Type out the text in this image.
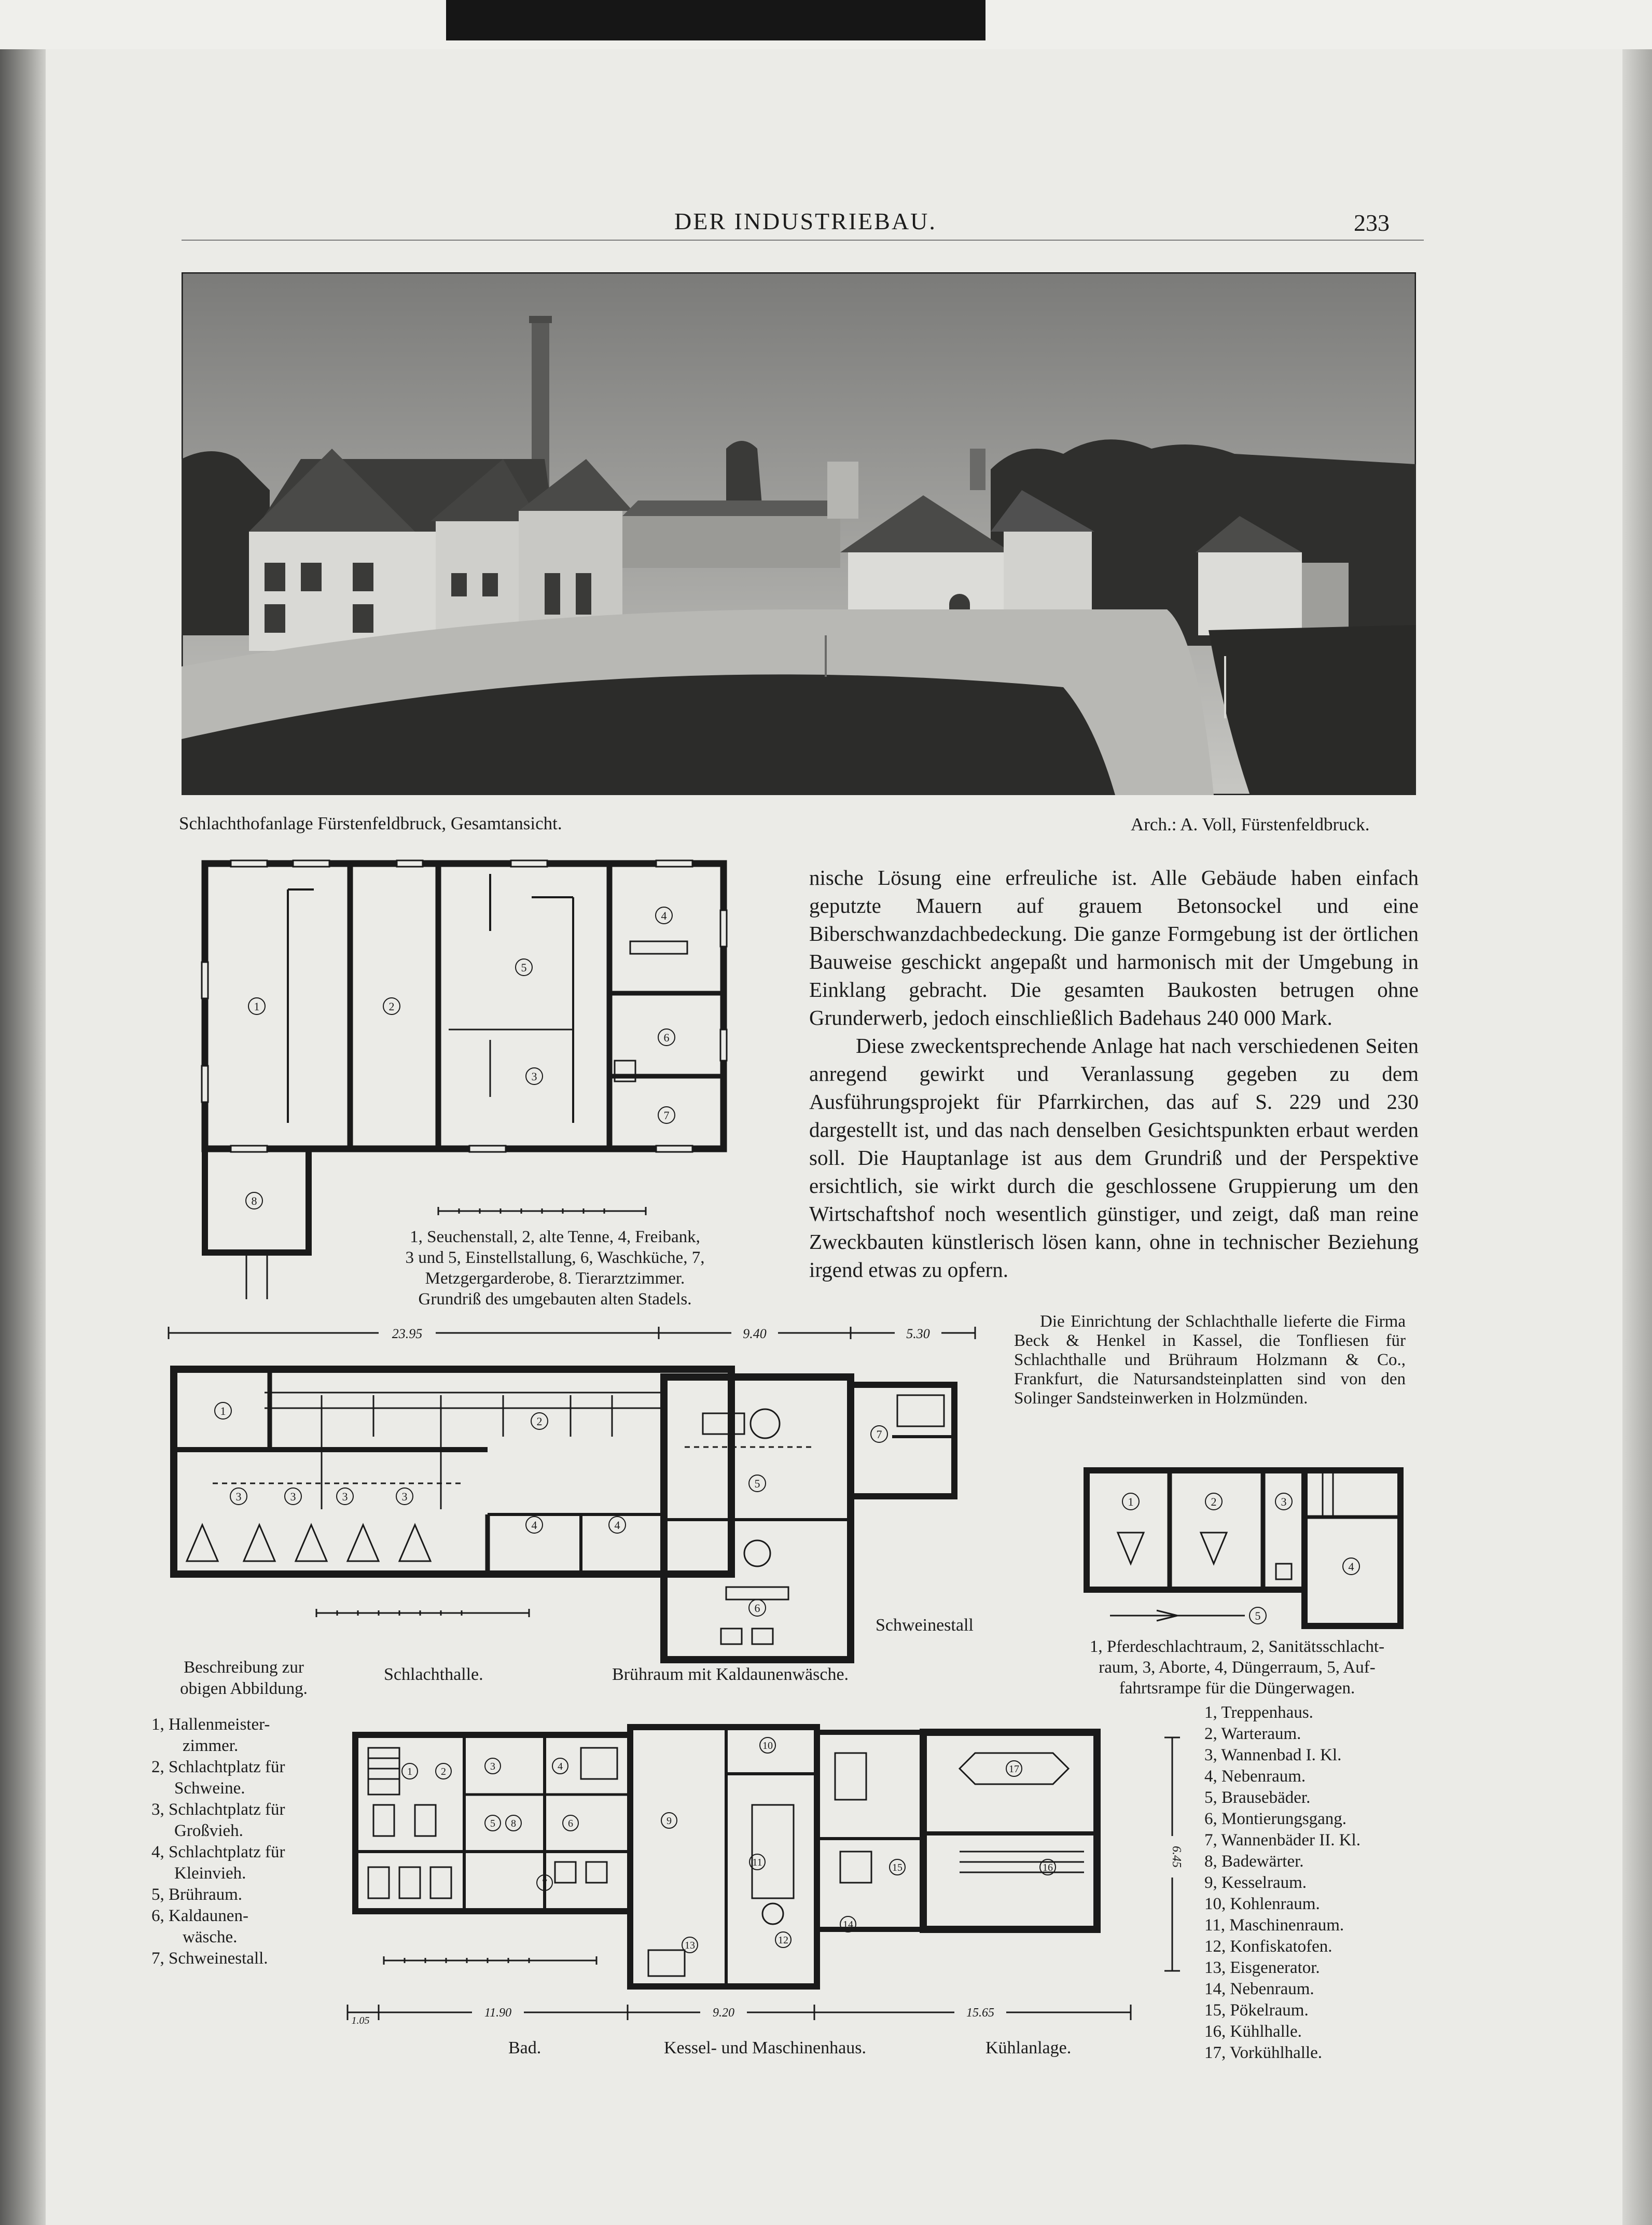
DER INDUSTRIEBAU.	233
Schlachthofanlage Fürstenfeldbruck, Gesamtansicht.	Arch.: A. Voll, Fürstenfeldbruck.
1	2
3
4
5
6
7
8
1, Seuchenstall, 2, alte Tenne, 4, Freibank,
3 und 5, Einstellstallung, 6, Waschküche, 7,
Metzgergarderobe, 8. Tierarztzimmer.
Grundriß des umgebauten alten Stadels.

nische Lösung eine erfreuliche ist. Alle Gebäude haben einfach geputzte Mauern auf grauem Betonsockel und eine Biberschwanzdachbedeckung. Die ganze Formgebung ist der örtlichen Bauweise geschickt angepaßt und harmonisch mit der Umgebung in Einklang gebracht. Die gesamten Baukosten betrugen ohne Grunderwerb, jedoch einschließlich Badehaus 240 000 Mark.

Diese zweckentsprechende Anlage hat nach verschiedenen Seiten anregend gewirkt und Veranlassung gegeben zu dem Ausführungsprojekt für Pfarrkirchen, das auf S. 229 und 230 dargestellt ist, und das nach denselben Gesichtspunkten erbaut werden soll. Die Hauptanlage ist aus dem Grundriß und der Perspektive ersichtlich, sie wirkt durch die geschlossene Gruppierung um den Wirtschaftshof noch wesentlich günstiger, und zeigt, daß man reine Zweckbauten künstlerisch lösen kann, ohne in technischer Beziehung irgend etwas zu opfern.

Die Einrichtung der Schlachthalle lieferte die Firma Beck & Henkel in Kassel, die Tonfliesen für Schlachthalle und Brühraum Holzmann & Co., Frankfurt, die Natursandsteinplatten sind von den Solinger Sandsteinwerken in Holzmünden.
23.95	9.40	5.30
1
2
3	3	3	3
4	4
5
6
7
Schweinestall
Schlachthalle.	Brühraum mit Kaldaunenwäsche.
1	2	3
4
5
1, Pferdeschlachtraum, 2, Sanitätsschlacht-
raum, 3, Aborte, 4, Düngerraum, 5, Auf-
fahrtsrampe für die Düngerwagen.
Beschreibung zur
obigen Abbildung.
1, Hallenmeister-
zimmer.
2, Schlachtplatz für
Schweine.
3, Schlachtplatz für
Großvieh.
4, Schlachtplatz für
Kleinvieh.
5, Brühraum.
6, Kaldaunen-
wäsche.
7, Schweinestall.
1	2	3	4
5	6
7
8	9
10
11
12
13
14
15	16
17
1.05
11.90	9.20	15.65
6.45
Bad.	Kessel- und Maschinenhaus.	Kühlanlage.
1, Treppenhaus.
2, Warteraum.
3, Wannenbad I. Kl.
4, Nebenraum.
5, Brausebäder.
6, Montierungsgang.
7, Wannenbäder II. Kl.
8, Badewärter.
9, Kesselraum.
10, Kohlenraum.
11, Maschinenraum.
12, Konfiskatofen.
13, Eisgenerator.
14, Nebenraum.
15, Pökelraum.
16, Kühlhalle.
17, Vorkühlhalle.
